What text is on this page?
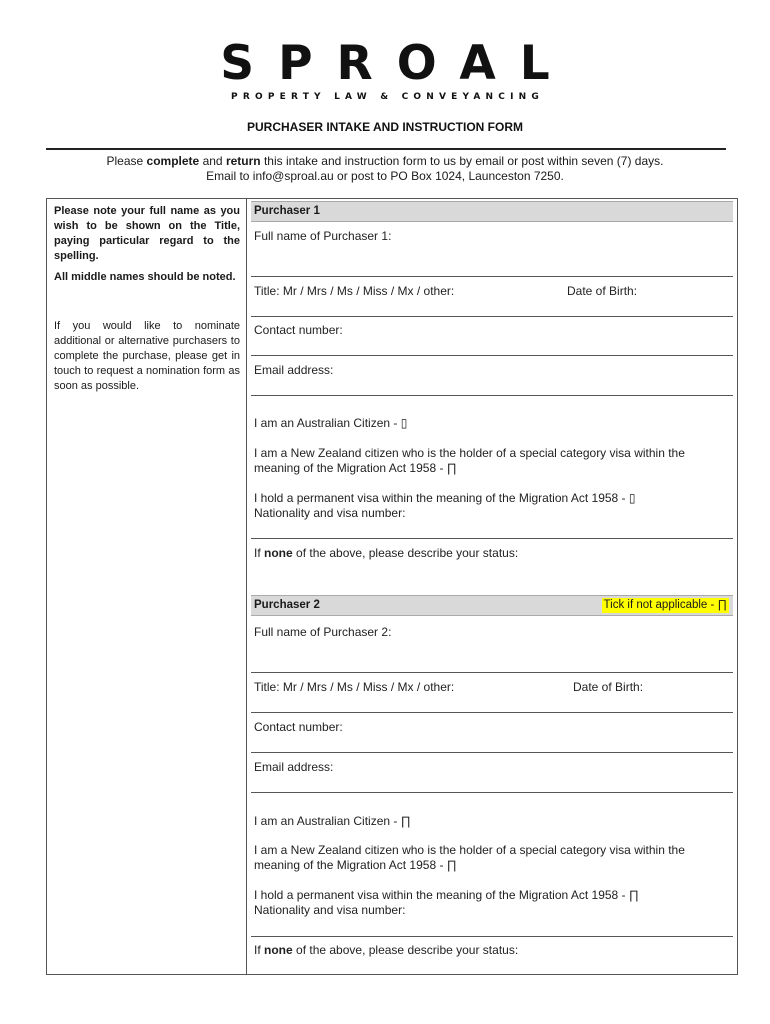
SPROAL
PROPERTY LAW & CONVEYANCING
PURCHASER INTAKE AND INSTRUCTION FORM
Please complete and return this intake and instruction form to us by email or post within seven (7) days.
Email to info@sproal.au or post to PO Box 1024, Launceston 7250.
Please note your full name as you wish to be shown on the Title, paying particular regard to the spelling.
All middle names should be noted.
If you would like to nominate additional or alternative purchasers to complete the purchase, please get in touch to request a nomination form as soon as possible.
Purchaser 1
Full name of Purchaser 1:
Title: Mr / Mrs / Ms / Miss / Mx / other:	Date of Birth:
Contact number:
Email address:
I am an Australian Citizen - ▯
I am a New Zealand citizen who is the holder of a special category visa within the meaning of the Migration Act 1958 - ∏
I hold a permanent visa within the meaning of the Migration Act 1958 - ▯
Nationality and visa number:
If none of the above, please describe your status:
Purchaser 2	Tick if not applicable - ∏
Full name of Purchaser 2:
Title: Mr / Mrs / Ms / Miss / Mx / other:	Date of Birth:
Contact number:
Email address:
I am an Australian Citizen - ∏
I am a New Zealand citizen who is the holder of a special category visa within the meaning of the Migration Act 1958 - ∏
I hold a permanent visa within the meaning of the Migration Act 1958 - ∏
Nationality and visa number:
If none of the above, please describe your status:
